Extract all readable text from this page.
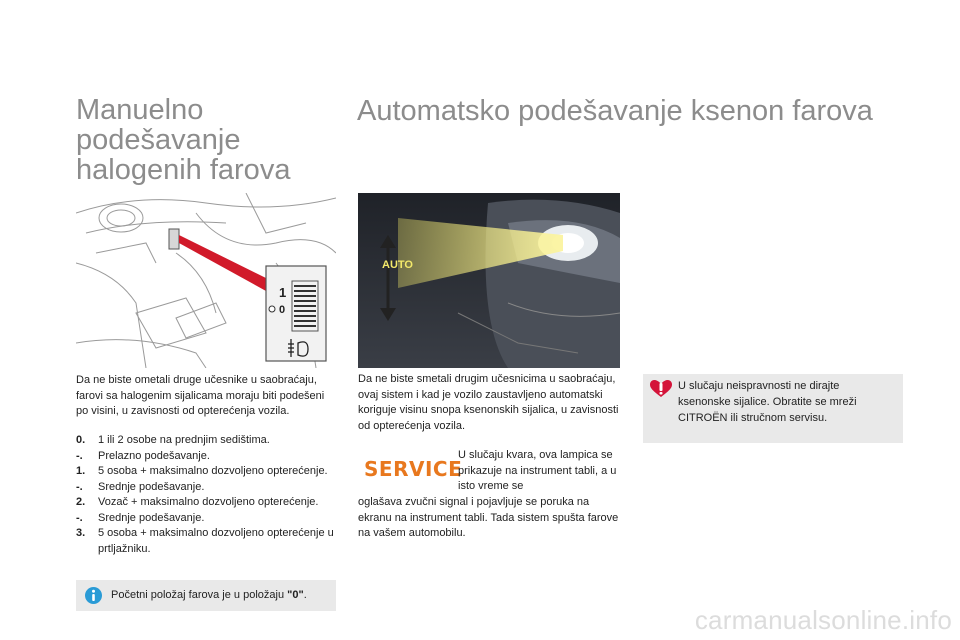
Manuelno podešavanje halogenih farova
Automatsko podešavanje ksenon farova
1
0
AUTO
Da ne biste ometali druge učesnike u saobraćaju, farovi sa halogenim sijalicama moraju biti podešeni po visini, u zavisnosti od opterećenja vozila.
0.	1 ili 2 osobe na prednjim sedištima.
-.	Prelazno podešavanje.
1.	5 osoba + maksimalno dozvoljeno opterećenje.
-.	Srednje podešavanje.
2.	Vozač + maksimalno dozvoljeno opterećenje.
-.	Srednje podešavanje.
3.	5 osoba + maksimalno dozvoljeno opterećenje u prtljažniku.
Početni položaj farova je u položaju "0".
Da ne biste smetali drugim učesnicima u saobraćaju, ovaj sistem i kad je vozilo zaustavljeno automatski koriguje visinu snopa ksenonskih sijalica, u zavisnosti od opterećenja vozila.
SERVICE
U slučaju kvara, ova lampica se prikazuje na instrument tabli, a u isto vreme se
oglašava zvučni signal i pojavljuje se poruka na ekranu na instrument tabli. Tada sistem spušta farove na vašem automobilu.
U slučaju neispravnosti ne dirajte ksenonske sijalice. Obratite se mreži CITROËN ili stručnom servisu.
carmanualsonline.info
